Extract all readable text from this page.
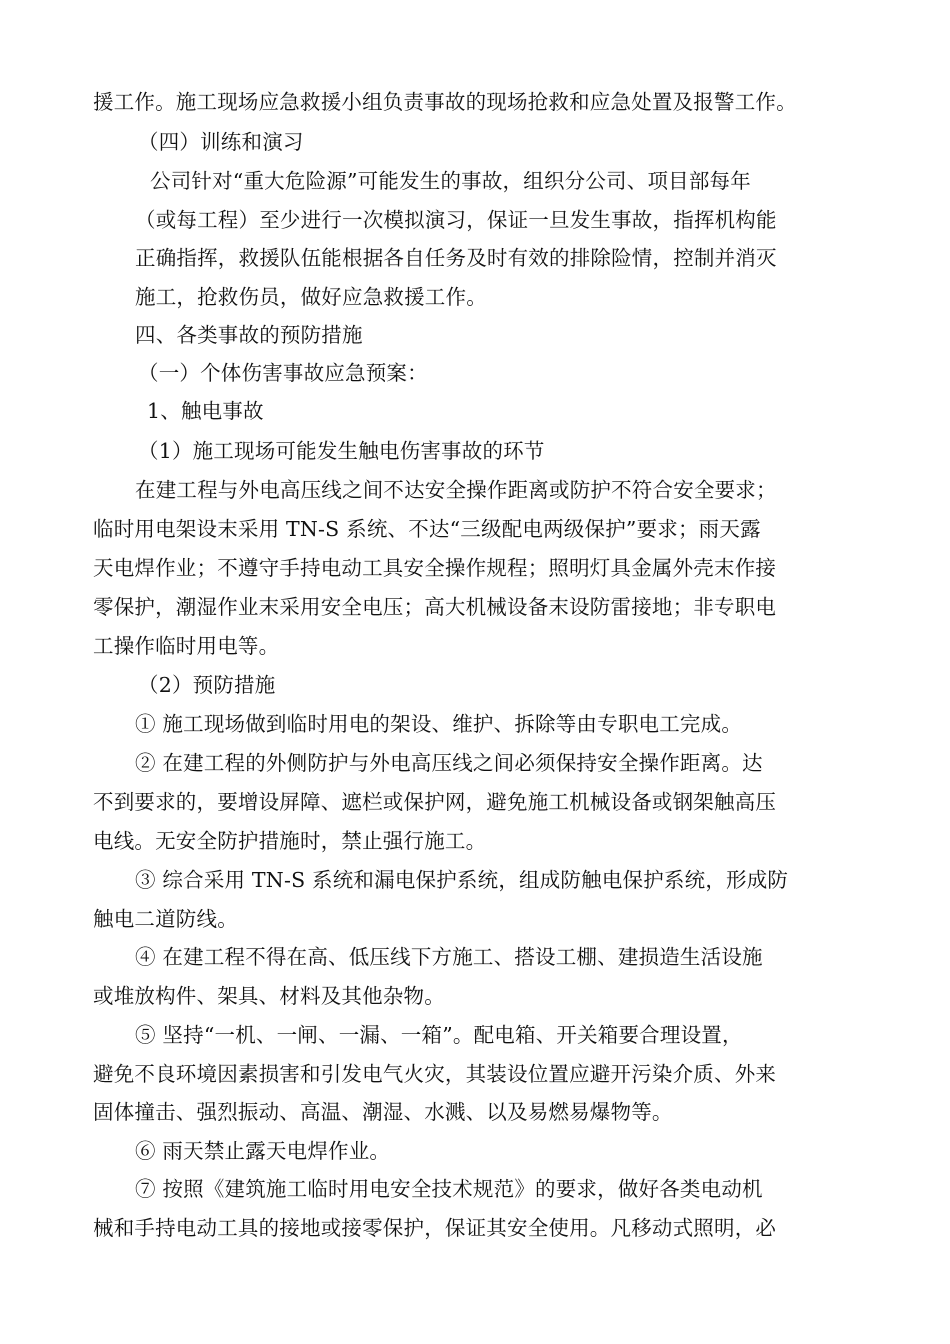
援工作。施工现场应急救援小组负责事故的现场抢救和应急处置及报警工作。
（四）训练和演习
公司针对“重大危险源”可能发生的事故，组织分公司、项目部每年
（或每工程）至少进行一次模拟演习，保证一旦发生事故，指挥机构能
正确指挥，救援队伍能根据各自任务及时有效的排除险情，控制并消灭
施工，抢救伤员，做好应急救援工作。
四、各类事故的预防措施
（一）个体伤害事故应急预案：
1、触电事故
（1）施工现场可能发生触电伤害事故的环节
在建工程与外电高压线之间不达安全操作距离或防护不符合安全要求；
临时用电架设末采用 TN-S 系统、不达“三级配电两级保护”要求；雨天露
天电焊作业；不遵守手持电动工具安全操作规程；照明灯具金属外壳末作接
零保护，潮湿作业末采用安全电压；高大机械设备末设防雷接地；非专职电
工操作临时用电等。
（2）预防措施
① 施工现场做到临时用电的架设、维护、拆除等由专职电工完成。
② 在建工程的外侧防护与外电高压线之间必须保持安全操作距离。达
不到要求的，要增设屏障、遮栏或保护网，避免施工机械设备或钢架触高压
电线。无安全防护措施时，禁止强行施工。
③ 综合采用 TN-S 系统和漏电保护系统，组成防触电保护系统，形成防
触电二道防线。
④ 在建工程不得在高、低压线下方施工、搭设工棚、建损造生活设施
或堆放构件、架具、材料及其他杂物。
⑤ 坚持“一机、一闸、一漏、一箱”。配电箱、开关箱要合理设置，
避免不良环境因素损害和引发电气火灾，其装设位置应避开污染介质、外来
固体撞击、强烈振动、高温、潮湿、水溅、以及易燃易爆物等。
⑥ 雨天禁止露天电焊作业。
⑦ 按照《建筑施工临时用电安全技术规范》的要求，做好各类电动机
械和手持电动工具的接地或接零保护，保证其安全使用。凡移动式照明，必
